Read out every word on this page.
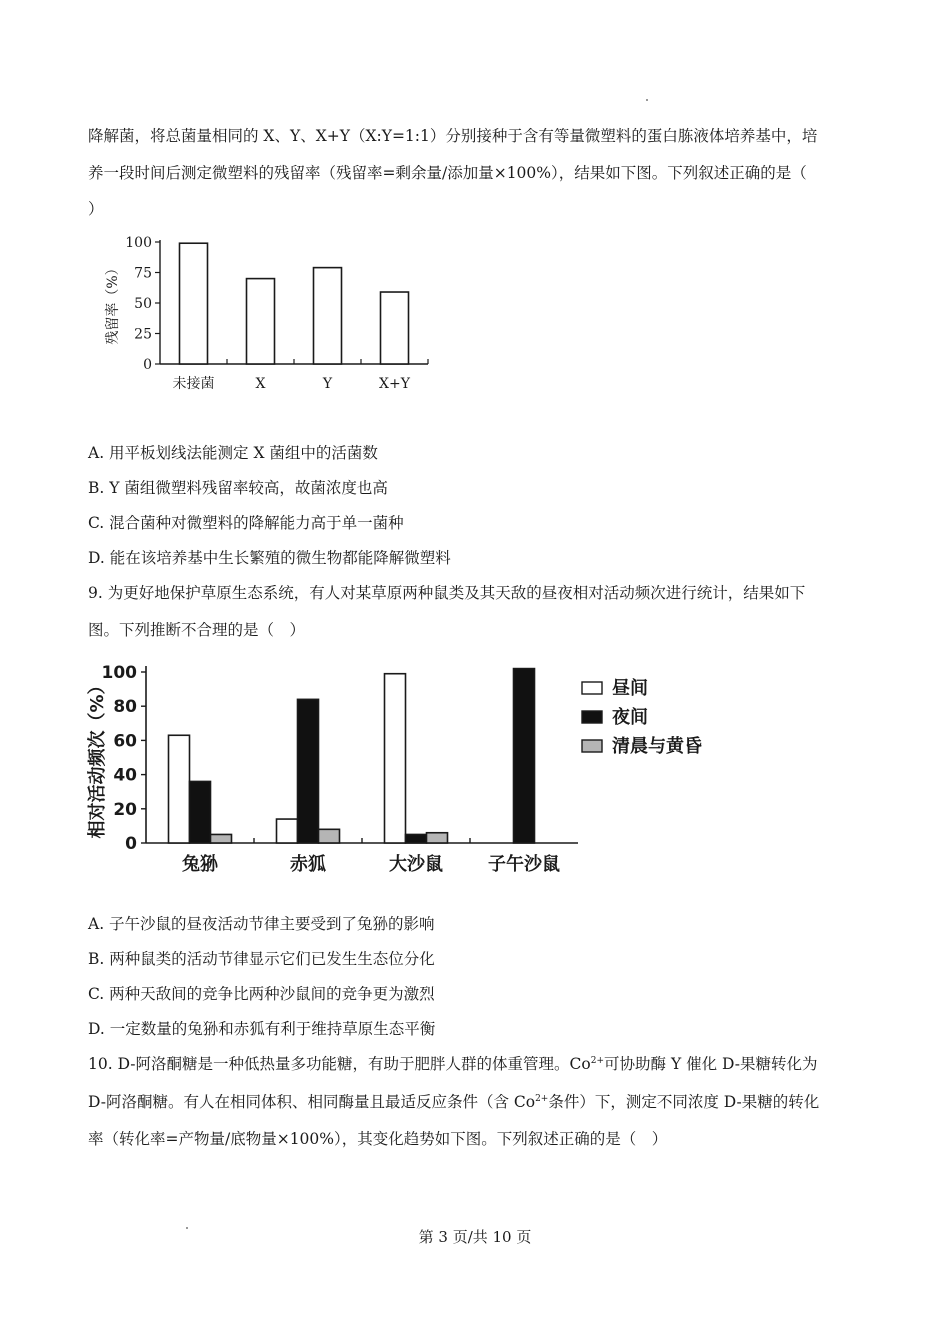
降解菌，将总菌量相同的 X、Y、X+Y（X:Y=1:1）分别接种于含有等量微塑料的蛋白胨液体培养基中，培
养一段时间后测定微塑料的残留率（残留率=剩余量/添加量×100%），结果如下图。下列叙述正确的是（
）
0
25
50
75
100
未接菌	X	Y	X+Y
残留率（%）
A. 用平板划线法能测定 X 菌组中的活菌数
B. Y 菌组微塑料残留率较高，故菌浓度也高
C. 混合菌种对微塑料的降解能力高于单一菌种
D. 能在该培养基中生长繁殖的微生物都能降解微塑料
9. 为更好地保护草原生态系统，有人对某草原两种鼠类及其天敌的昼夜相对活动频次进行统计，结果如下
图。下列推断不合理的是（　）
0
20
40
60
80
100
兔狲	赤狐	大沙鼠	子午沙鼠
相对活动频次（%）	昼间
夜间
清晨与黄昏
A. 子午沙鼠的昼夜活动节律主要受到了兔狲的影响
B. 两种鼠类的活动节律显示它们已发生生态位分化
C. 两种天敌间的竞争比两种沙鼠间的竞争更为激烈
D. 一定数量的兔狲和赤狐有利于维持草原生态平衡
10. D-阿洛酮糖是一种低热量多功能糖，有助于肥胖人群的体重管理。$Co^{2+}$可协助酶 Y 催化 D-果糖转化为
D-阿洛酮糖。有人在相同体积、相同酶量且最适反应条件（含 $Co^{2+}$条件）下，测定不同浓度 D-果糖的转化
率（转化率=产物量/底物量×100%），其变化趋势如下图。下列叙述正确的是（　）
第 3 页/共 10 页
